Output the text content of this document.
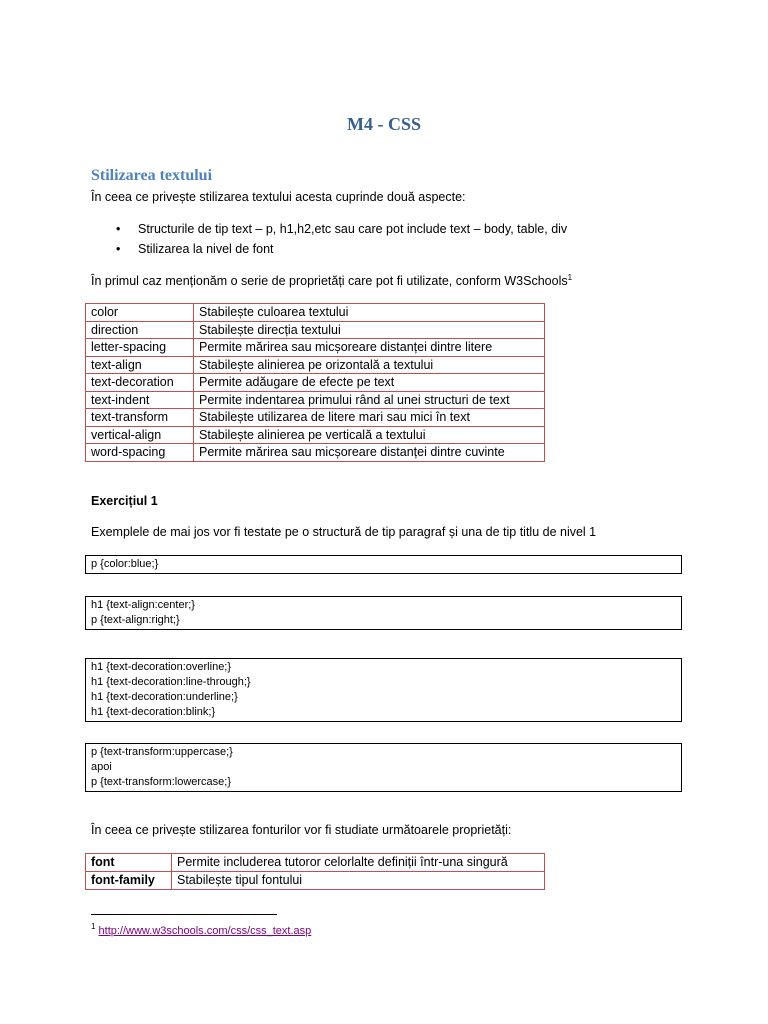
M4 - CSS
Stilizarea textului
În ceea ce privește stilizarea textului acesta cuprinde două aspecte:
• Structurile de tip text – p, h1,h2,etc sau care pot include text – body, table, div
• Stilizarea la nivel de font
În primul caz menționăm o serie de proprietăți care pot fi utilizate, conform W3Schools$^1$
color	Stabilește culoarea textului
direction	Stabilește direcția textului
letter-spacing	Permite mărirea sau micșoreare distanței dintre litere
text-align	Stabilește alinierea pe orizontală a textului
text-decoration	Permite adăugare de efecte pe text
text-indent	Permite indentarea primului rând al unei structuri de text
text-transform	Stabilește utilizarea de litere mari sau mici în text
vertical-align	Stabilește alinierea pe verticală a textului
word-spacing	Permite mărirea sau micșoreare distanței dintre cuvinte
Exercițiul 1
Exemplele de mai jos vor fi testate pe o structură de tip paragraf și una de tip titlu de nivel 1
p {color:blue;}
h1 {text-align:center;}
p {text-align:right;}
h1 {text-decoration:overline;}
h1 {text-decoration:line-through;}
h1 {text-decoration:underline;}
h1 {text-decoration:blink;}
p {text-transform:uppercase;}
apoi
p {text-transform:lowercase;}
În ceea ce privește stilizarea fonturilor vor fi studiate următoarele proprietăți:
font	Permite includerea tutoror celorlalte definiții într-una singură
font-family	Stabilește tipul fontului
$^1$ http://www.w3schools.com/css/css_text.asp
